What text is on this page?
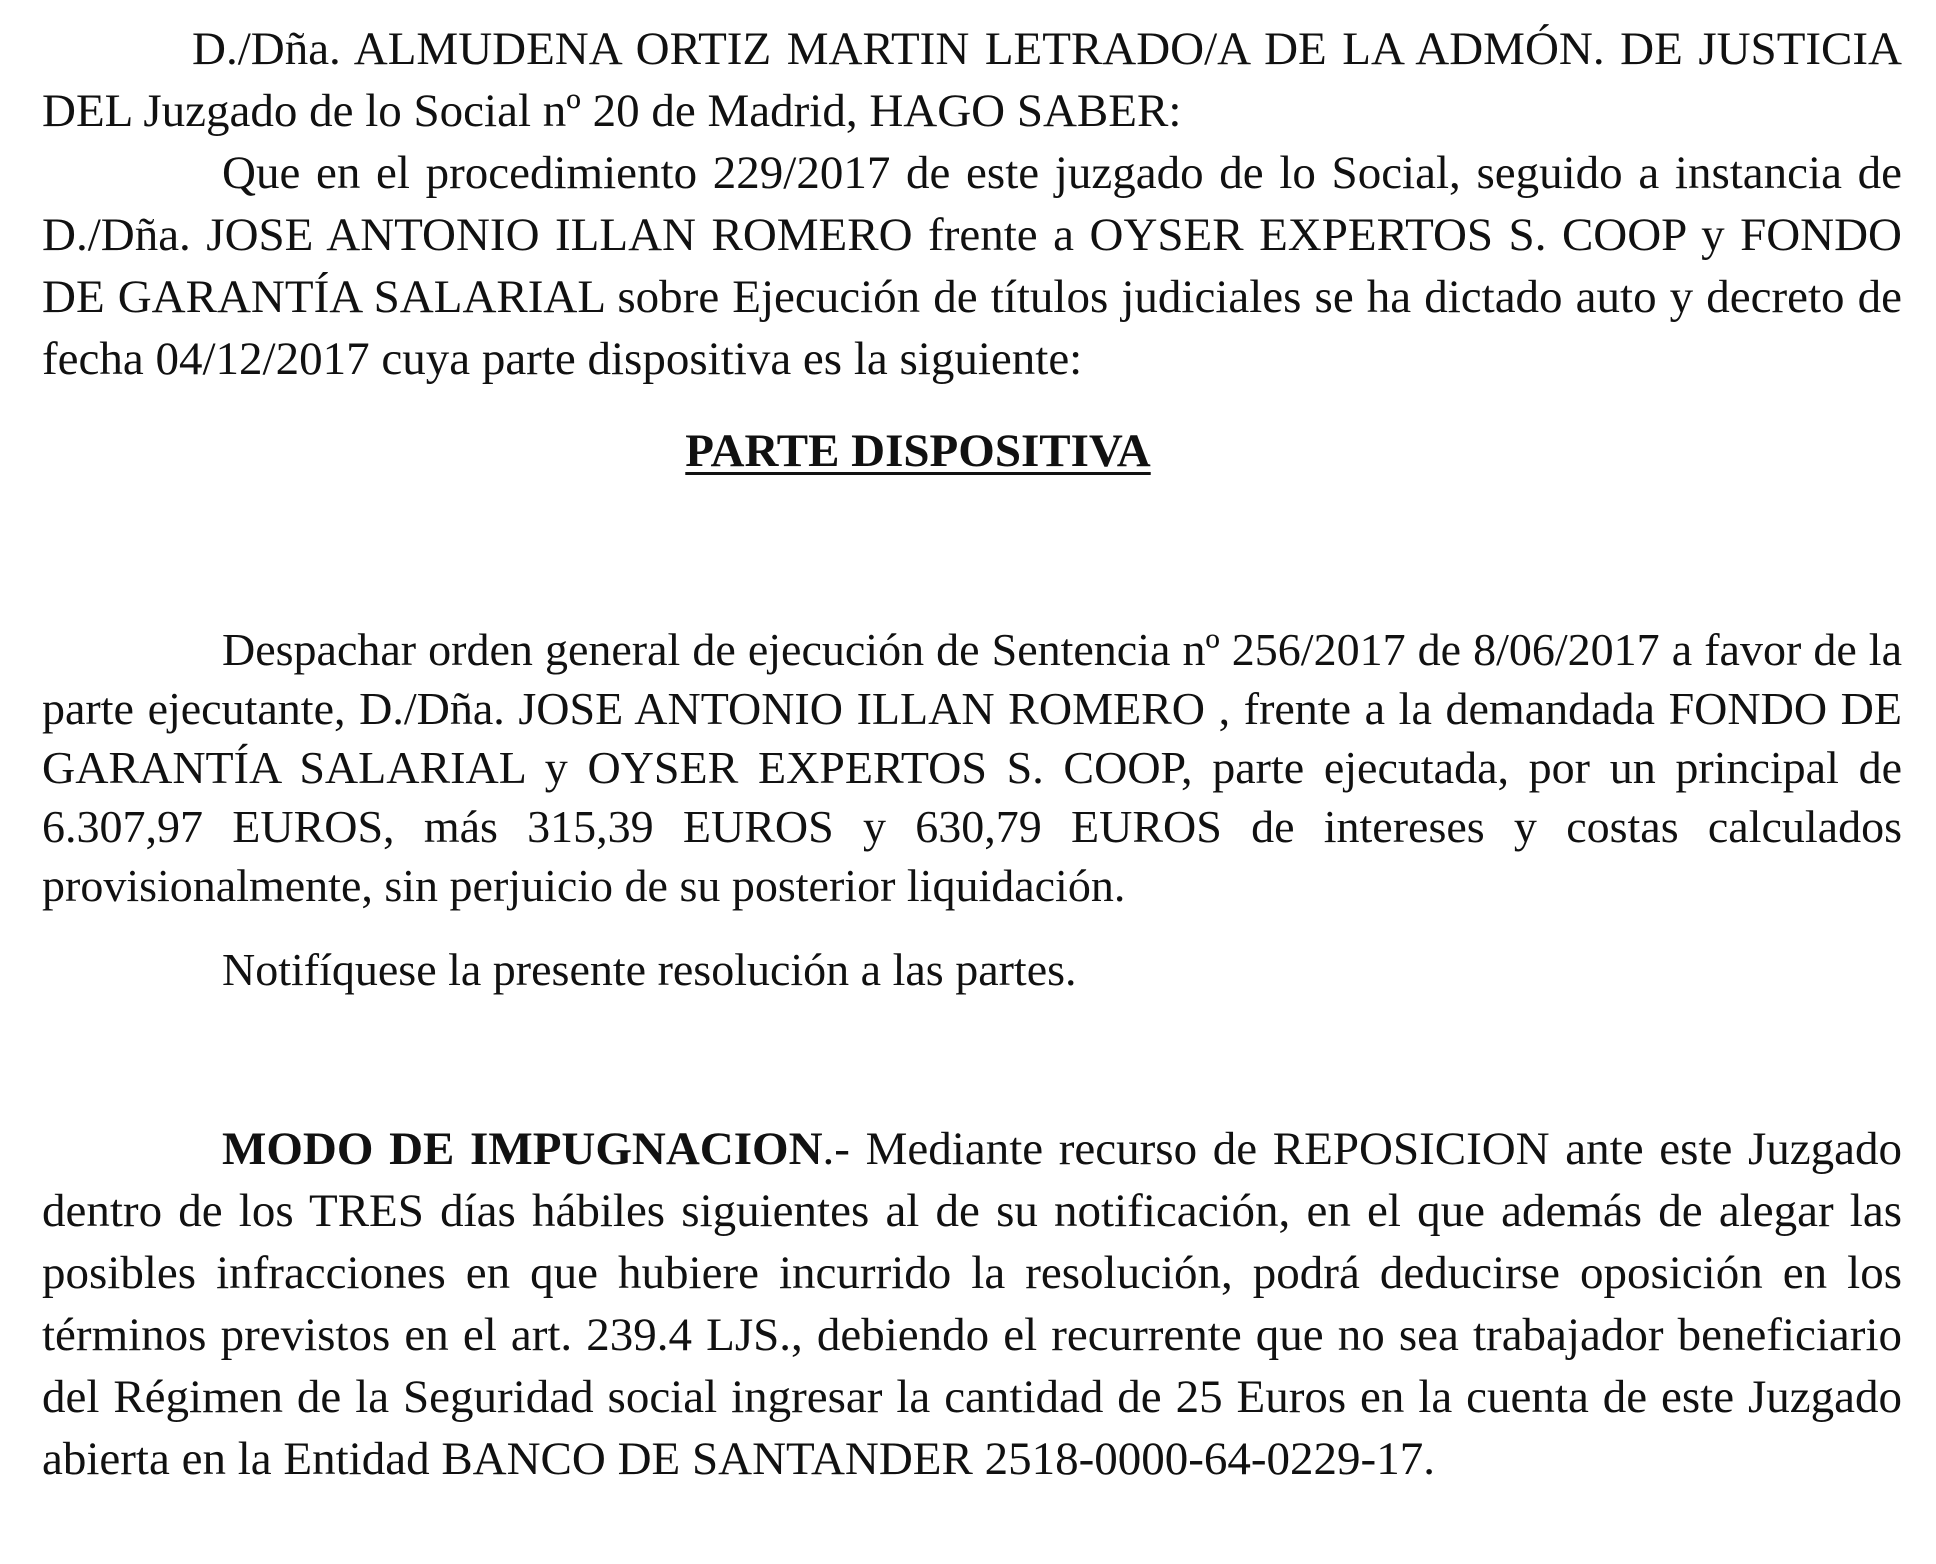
D./Dña. ALMUDENA ORTIZ MARTIN LETRADO/A DE LA ADMÓN. DE JUSTICIA DEL Juzgado de lo Social nº 20 de Madrid, HAGO SABER:

Que en el procedimiento 229/2017 de este juzgado de lo Social, seguido a instancia de D./Dña. JOSE ANTONIO ILLAN ROMERO frente a OYSER EXPERTOS S. COOP y FONDO DE GARANTÍA SALARIAL sobre Ejecución de títulos judiciales se ha dictado auto y decreto de fecha 04/12/2017 cuya parte dispositiva es la siguiente:

PARTE DISPOSITIVA

Despachar orden general de ejecución de Sentencia nº 256/2017 de 8/06/2017 a favor de la parte ejecutante, D./Dña. JOSE ANTONIO ILLAN ROMERO , frente a la demandada FONDO DE GARANTÍA SALARIAL y OYSER EXPERTOS S. COOP, parte ejecutada, por un principal de 6.307,97 EUROS, más 315,39 EUROS y 630,79 EUROS de intereses y costas calculados provisionalmente, sin perjuicio de su posterior liquidación.

Notifíquese la presente resolución a las partes.

MODO DE IMPUGNACION.- Mediante recurso de REPOSICION ante este Juzgado dentro de los TRES días hábiles siguientes al de su notificación, en el que además de alegar las posibles infracciones en que hubiere incurrido la resolución, podrá deducirse oposición en los términos previstos en el art. 239.4 LJS., debiendo el recurrente que no sea trabajador beneficiario del Régimen de la Seguridad social ingresar la cantidad de 25 Euros en la cuenta de este Juzgado abierta en la Entidad BANCO DE SANTANDER 2518-0000-64-0229-17.
